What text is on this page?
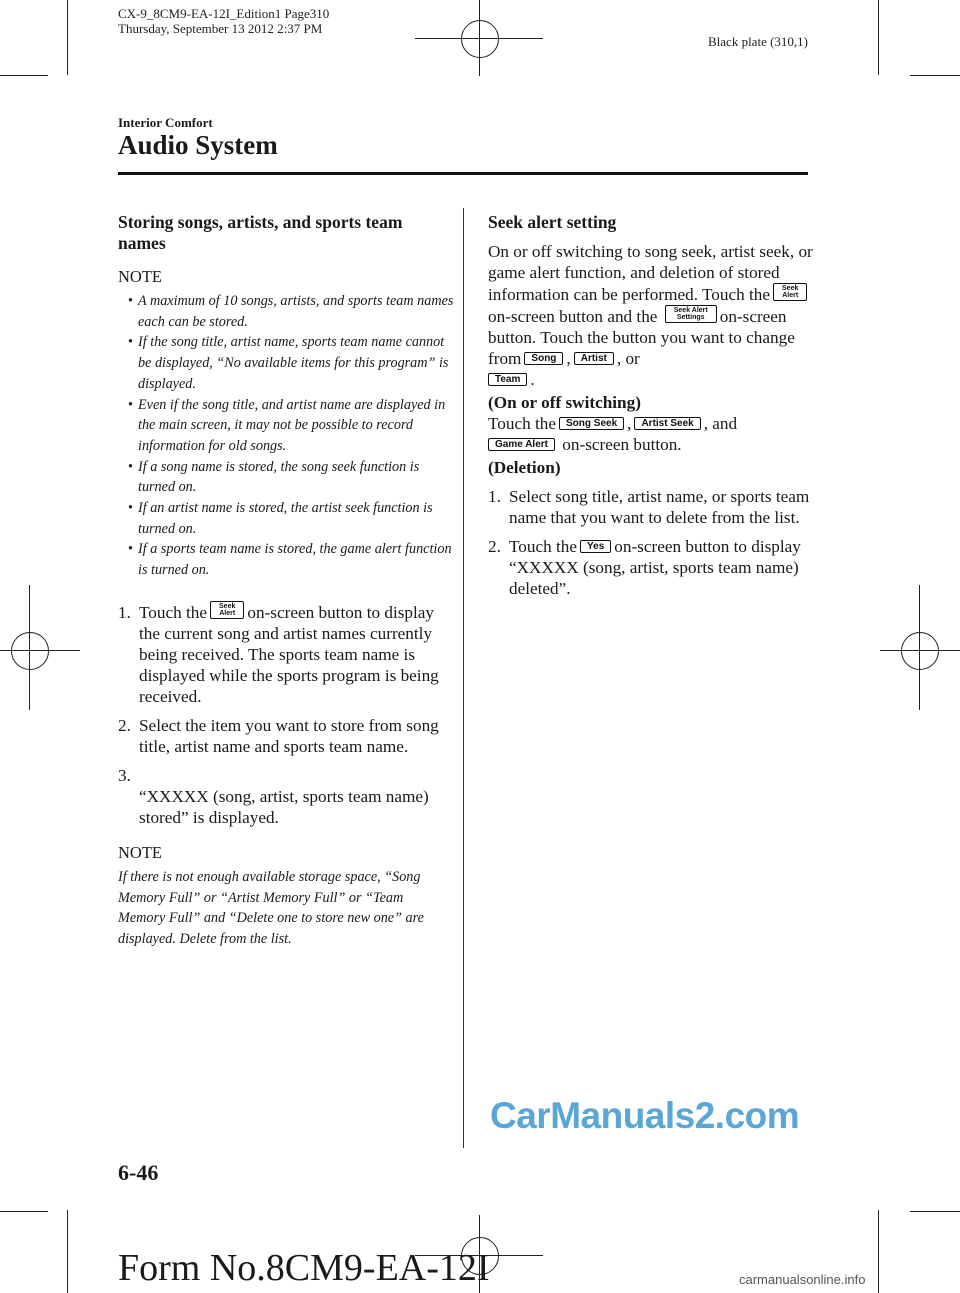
CX-9_8CM9-EA-12I_Edition1 Page310
Thursday, September 13 2012 2:37 PM
Black plate (310,1)
Interior Comfort
Audio System
Storing songs, artists, and sports team names
NOTE
• A maximum of 10 songs, artists, and sports team names each can be stored.
• If the song title, artist name, sports team name cannot be displayed, “No available items for this program” is displayed.
• Even if the song title, and artist name are displayed in the main screen, it may not be possible to record information for old songs.
• If a song name is stored, the song seek function is turned on.
• If an artist name is stored, the artist seek function is turned on.
• If a sports team name is stored, the game alert function is turned on.
1. Touch the Seek
Alert on-screen button to display the current song and artist names currently being received. The sports team name is displayed while the sports program is being received.
2. Select the item you want to store from song title, artist name and sports team name.
3.
“XXXXX (song, artist, sports team name) stored” is displayed.
NOTE
If there is not enough available storage space, “Song Memory Full” or “Artist Memory Full” or “Team Memory Full” and “Delete one to store new one” are displayed. Delete from the list.
Seek alert setting

On or off switching to song seek, artist seek, or game alert function, and deletion of stored information can be performed. Touch the Seek
Alert
on-screen button and the Seek Alert
Settings on-screen button. Touch the button you want to change from Song , Artist , or
Team .

(On or off switching)

Touch the Song Seek , Artist Seek , and
Game Alert on-screen button.

(Deletion)
1. Select song title, artist name, or sports team name that you want to delete from the list.
2. Touch the Yes on-screen button to display “XXXXX (song, artist, sports team name) deleted”.
CarManuals2.com
6-46
Form No.8CM9-EA-12I	carmanualsonline.info
